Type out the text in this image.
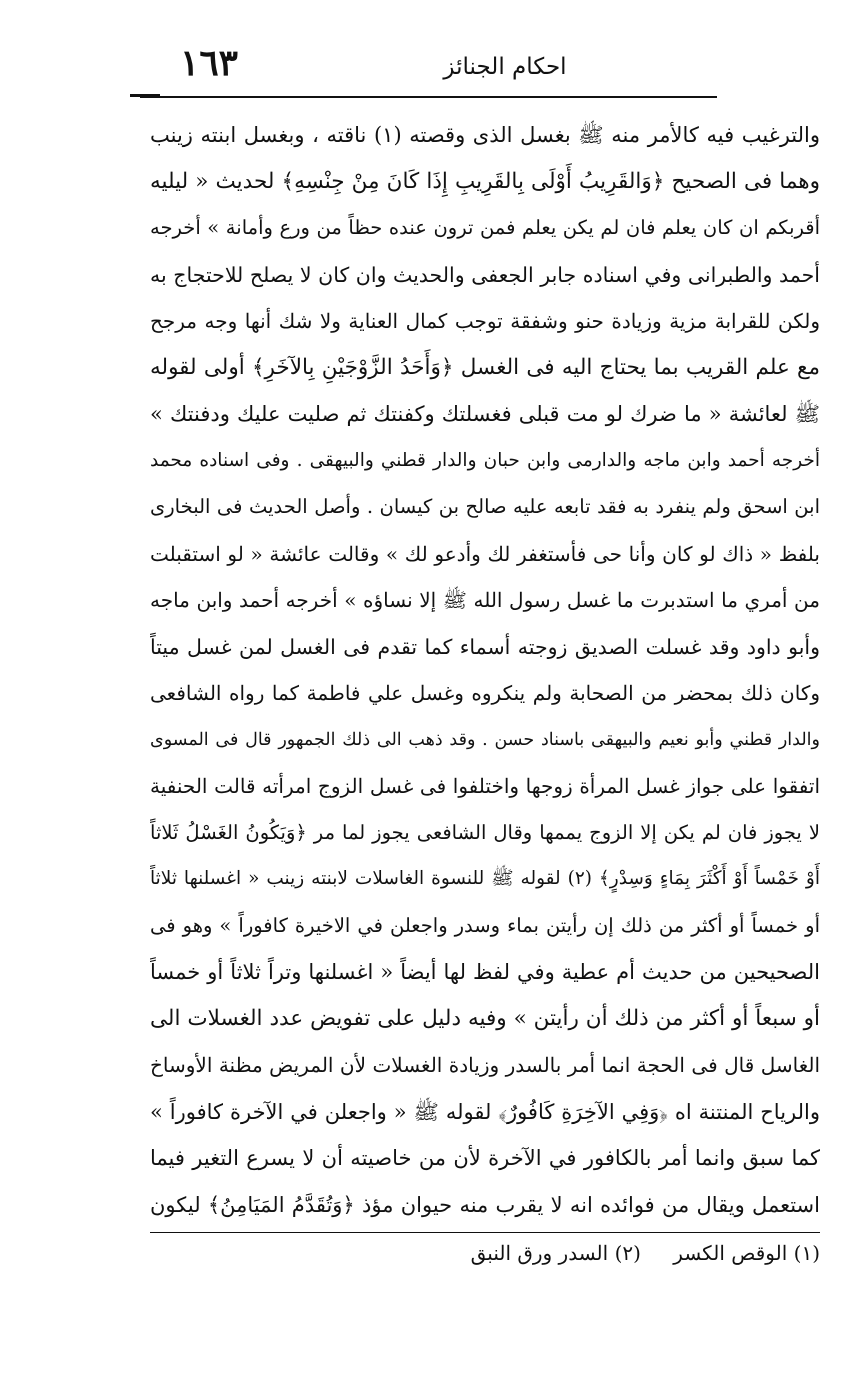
١٦٣	احكام الجنائز
والترغيب فيه كالأمر منه ﷺ بغسل الذى وقصته (١) ناقته ، وبغسل ابنته زينب
وهما فى الصحيح ﴿وَالقَرِيبُ أَوْلَى بِالقَرِيبِ إِذَا كَانَ مِنْ جِنْسِهِ﴾ لحديث « ليليه
أقربكم ان كان يعلم فان لم يكن يعلم فمن ترون عنده حظاً من ورع وأمانة » أخرجه
أحمد والطبرانى وفي اسناده جابر الجعفى والحديث وان كان لا يصلح للاحتجاج به
ولكن للقرابة مزية وزيادة حنو وشفقة توجب كمال العناية ولا شك أنها وجه مرجح
مع علم القريب بما يحتاج اليه فى الغسل ﴿وَأَحَدُ الزَّوْجَيْنِ بِالآخَرِ﴾ أولى لقوله
ﷺ لعائشة « ما ضرك لو مت قبلى فغسلتك وكفنتك ثم صليت عليك ودفنتك »
أخرجه أحمد وابن ماجه والدارمى وابن حبان والدار قطني والبيهقى . وفى اسناده محمد
ابن اسحق ولم ينفرد به فقد تابعه عليه صالح بن كيسان . وأصل الحديث فى البخارى
بلفظ « ذاك لو كان وأنا حى فأستغفر لك وأدعو لك » وقالت عائشة « لو استقبلت
من أمري ما استدبرت ما غسل رسول الله ﷺ إلا نساؤه » أخرجه أحمد وابن ماجه
وأبو داود وقد غسلت الصديق زوجته أسماء كما تقدم فى الغسل لمن غسل ميتاً
وكان ذلك بمحضر من الصحابة ولم ينكروه وغسل علي فاطمة كما رواه الشافعى
والدار قطني وأبو نعيم والبيهقى باسناد حسن . وقد ذهب الى ذلك الجمهور قال فى المسوى
اتفقوا على جواز غسل المرأة زوجها واختلفوا فى غسل الزوج امرأته قالت الحنفية
لا يجوز فان لم يكن إلا الزوج يممها وقال الشافعى يجوز لما مر ﴿وَيَكُونُ الغَسْلُ ثَلاثاً
أَوْ خَمْساً أَوْ أَكْثَرَ بِمَاءٍ وَسِدْرٍ﴾ (٢) لقوله ﷺ للنسوة الغاسلات لابنته زينب « اغسلنها ثلاثاً
أو خمساً أو أكثر من ذلك إن رأيتن بماء وسدر واجعلن في الاخيرة كافوراً » وهو فى
الصحيحين من حديث أم عطية وفي لفظ لها أيضاً « اغسلنها وتراً ثلاثاً أو خمساً
أو سبعاً أو أكثر من ذلك أن رأيتن » وفيه دليل على تفويض عدد الغسلات الى
الغاسل قال فى الحجة انما أمر بالسدر وزيادة الغسلات لأن المريض مظنة الأوساخ
والرياح المنتنة اه ﴿وَفِي الآخِرَةِ كَافُورٌ﴾ لقوله ﷺ « واجعلن في الآخرة كافوراً »
كما سبق وانما أمر بالكافور في الآخرة لأن من خاصيته أن لا يسرع التغير فيما
استعمل ويقال من فوائده انه لا يقرب منه حيوان مؤذ ﴿وَتُقَدَّمُ المَيَامِنُ﴾ ليكون
(١) الوقص الكسر (٢) السدر ورق النبق
